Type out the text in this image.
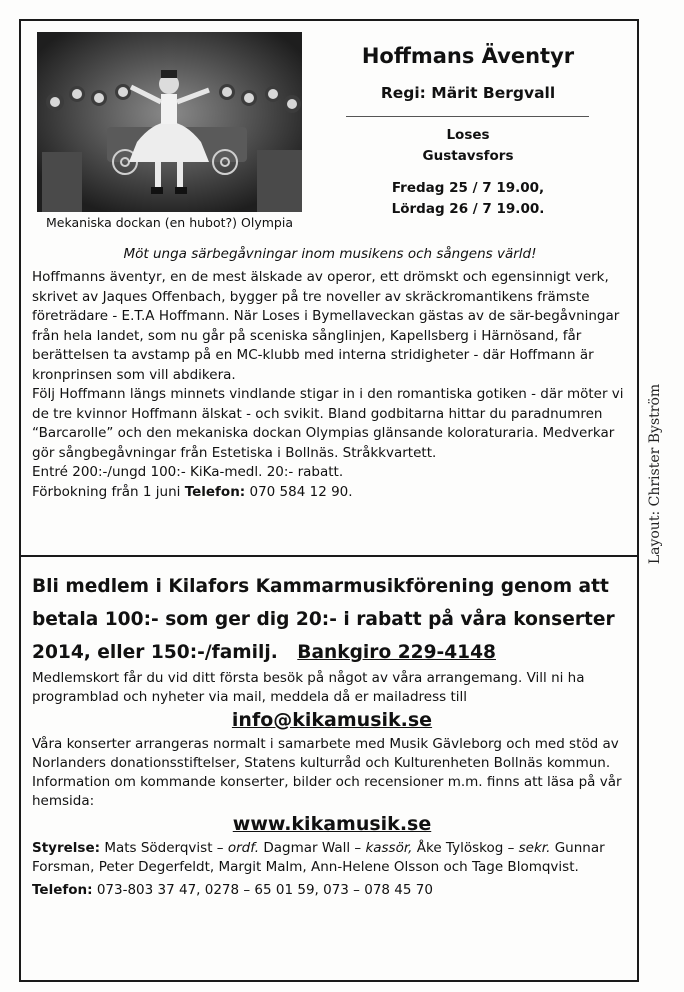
Mekaniska dockan (en hubot?) Olympia
Hoffmans Äventyr
Regi: Märit Bergvall
Loses
Gustavsfors
Fredag 25 / 7 19.00,
Lördag 26 / 7 19.00.
Möt unga särbegåvningar inom musikens och sångens värld!

Hoffmanns äventyr, en de mest älskade av operor, ett drömskt och egensinnigt verk, skrivet av Jaques Offenbach, bygger på tre noveller av skräckromantikens främste företrädare - E.T.A Hoffmann. När Loses i Bymellaveckan gästas av de sär-begåvningar från hela landet, som nu går på sceniska sånglinjen, Kapellsberg i Härnösand, får berättelsen ta avstamp på en MC-klubb med interna stridigheter - där Hoffmann är kronprinsen som vill abdikera.

Följ Hoffmann längs minnets vindlande stigar in i den romantiska gotiken - där möter vi de tre kvinnor Hoffmann älskat - och svikit. Bland godbitarna hittar du paradnumren “Barcarolle” och den mekaniska dockan Olympias glänsande koloraturaria. Medverkar gör sångbegåvningar från Estetiska i Bollnäs. Stråkkvartett.

Entré 200:-/ungd 100:- KiKa-medl. 20:- rabatt.

Förbokning från 1 juni Telefon: 070 584 12 90.

Bli medlem i Kilafors Kammarmusikförening genom att betala 100:- som ger dig 20:- i rabatt på våra konserter 2014, eller 150:-/familj. Bankgiro 229-4148

Medlemskort får du vid ditt första besök på något av våra arrangemang. Vill ni ha programblad och nyheter via mail, meddela då er mailadress till

info@kikamusik.se

Våra konserter arrangeras normalt i samarbete med Musik Gävleborg och med stöd av Norlanders donationsstiftelser, Statens kulturråd och Kulturenheten Bollnäs kommun. Information om kommande konserter, bilder och recensioner m.m. finns att läsa på vår hemsida:

www.kikamusik.se

Styrelse: Mats Söderqvist – ordf. Dagmar Wall – kassör, Åke Tylöskog – sekr. Gunnar Forsman, Peter Degerfeldt, Margit Malm, Ann-Helene Olsson och Tage Blomqvist.

Telefon: 073-803 37 47, 0278 – 65 01 59, 073 – 078 45 70

Layout: Christer Byström
